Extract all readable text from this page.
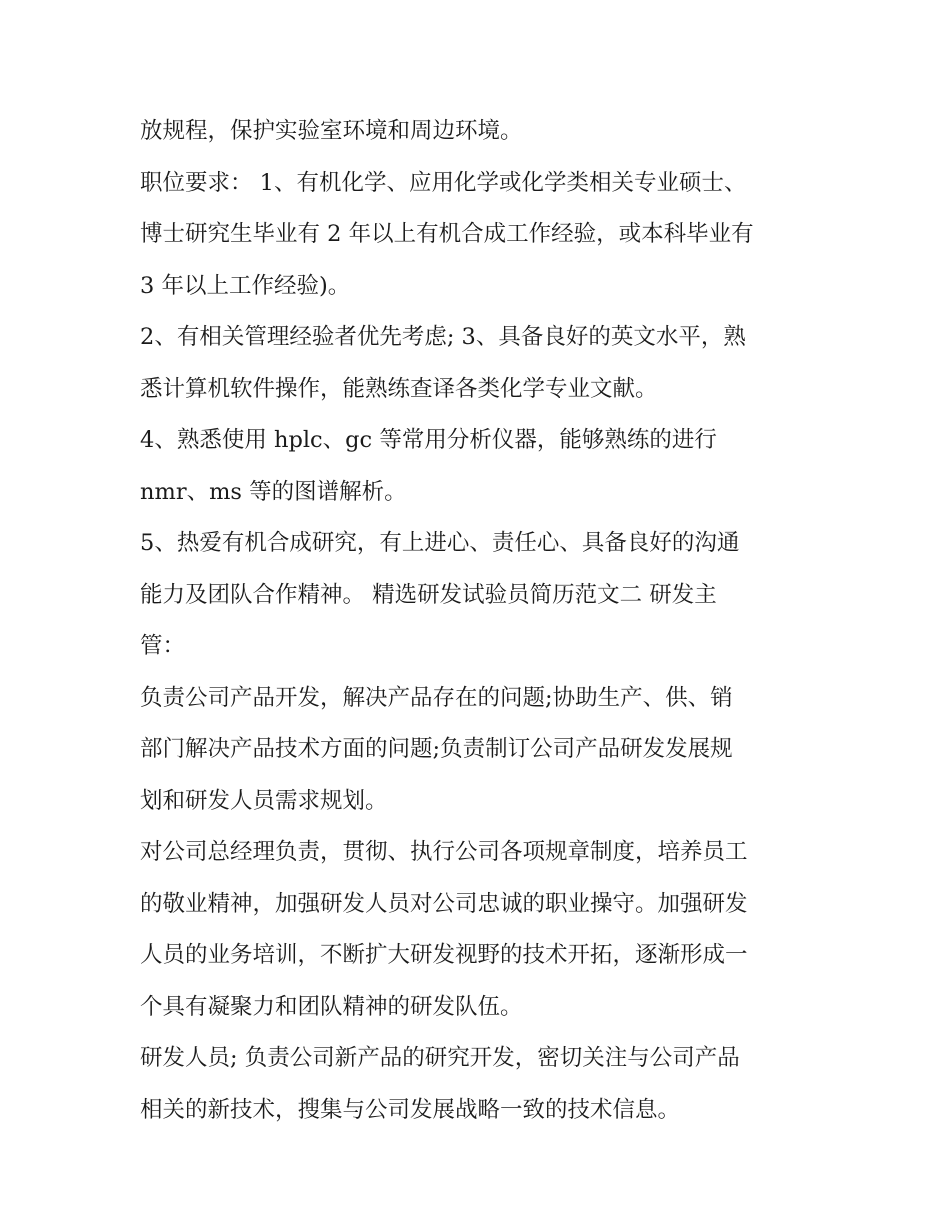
放规程，保护实验室环境和周边环境。
职位要求： 1、有机化学、应用化学或化学类相关专业硕士、
博士研究生毕业有 2 年以上有机合成工作经验，或本科毕业有
3 年以上工作经验)。
2、有相关管理经验者优先考虑; 3、具备良好的英文水平，熟
悉计算机软件操作，能熟练查译各类化学专业文献。
4、熟悉使用 hplc、gc 等常用分析仪器，能够熟练的进行
nmr、ms 等的图谱解析。
5、热爱有机合成研究，有上进心、责任心、具备良好的沟通
能力及团队合作精神。 精选研发试验员简历范文二 研发主
管：
负责公司产品开发，解决产品存在的问题;协助生产、供、销
部门解决产品技术方面的问题;负责制订公司产品研发发展规
划和研发人员需求规划。
对公司总经理负责，贯彻、执行公司各项规章制度，培养员工
的敬业精神，加强研发人员对公司忠诚的职业操守。加强研发
人员的业务培训，不断扩大研发视野的技术开拓，逐渐形成一
个具有凝聚力和团队精神的研发队伍。
研发人员; 负责公司新产品的研究开发，密切关注与公司产品
相关的新技术，搜集与公司发展战略一致的技术信息。
